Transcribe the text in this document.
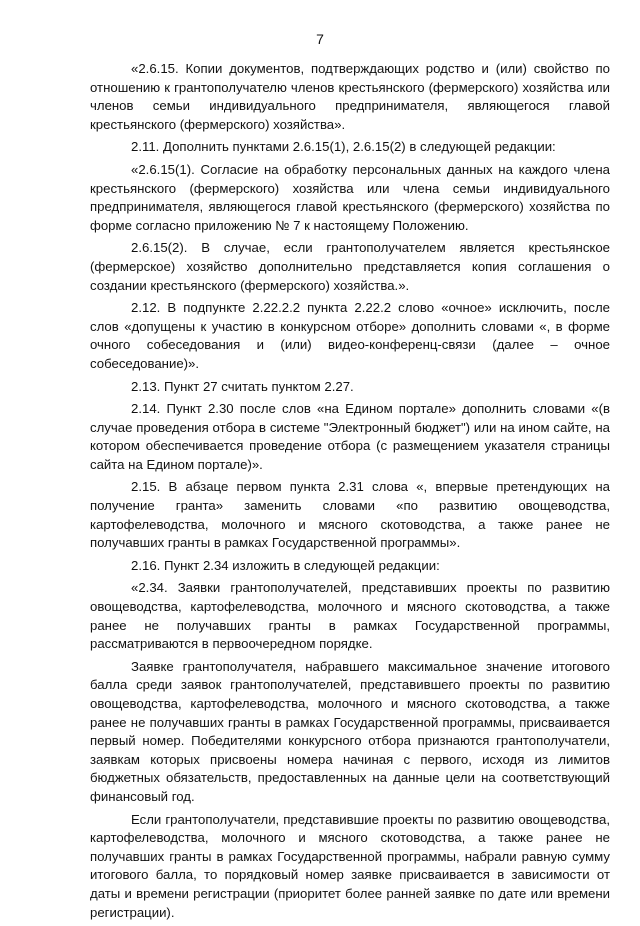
7

«2.6.15. Копии документов, подтверждающих родство и (или) свойство по отношению к грантополучателю членов крестьянского (фермерского) хозяйства или членов семьи индивидуального предпринимателя, являющегося главой крестьянского (фермерского) хозяйства».

2.11. Дополнить пунктами 2.6.15(1), 2.6.15(2) в следующей редакции:

«2.6.15(1). Согласие на обработку персональных данных на каждого члена крестьянского (фермерского) хозяйства или члена семьи индивидуального предпринимателя, являющегося главой крестьянского (фермерского) хозяйства по форме согласно приложению № 7 к настоящему Положению.

2.6.15(2). В случае, если грантополучателем является крестьянское (фермерское) хозяйство дополнительно представляется копия соглашения о создании крестьянского (фермерского) хозяйства.».

2.12. В подпункте 2.22.2.2 пункта 2.22.2 слово «очное» исключить, после слов «допущены к участию в конкурсном отборе» дополнить словами «, в форме очного собеседования и (или) видео-конференц-связи (далее – очное собеседование)».

2.13. Пункт 27 считать пунктом 2.27.

2.14. Пункт 2.30 после слов «на Едином портале» дополнить словами «(в случае проведения отбора в системе "Электронный бюджет") или на ином сайте, на котором обеспечивается проведение отбора (с размещением указателя страницы сайта на Едином портале)».

2.15. В абзаце первом пункта 2.31 слова «, впервые претендующих на получение гранта» заменить словами «по развитию овощеводства, картофелеводства, молочного и мясного скотоводства, а также ранее не получавших гранты в рамках Государственной программы».

2.16. Пункт 2.34 изложить в следующей редакции:

«2.34. Заявки грантополучателей, представивших проекты по развитию овощеводства, картофелеводства, молочного и мясного скотоводства, а также ранее не получавших гранты в рамках Государственной программы, рассматриваются в первоочередном порядке.

Заявке грантополучателя, набравшего максимальное значение итогового балла среди заявок грантополучателей, представившего проекты по развитию овощеводства, картофелеводства, молочного и мясного скотоводства, а также ранее не получавших гранты в рамках Государственной программы, присваивается первый номер. Победителями конкурсного отбора признаются грантополучатели, заявкам которых присвоены номера начиная с первого, исходя из лимитов бюджетных обязательств, предоставленных на данные цели на соответствующий финансовый год.

Если грантополучатели, представившие проекты по развитию овощеводства, картофелеводства, молочного и мясного скотоводства, а также ранее не получавших гранты в рамках Государственной программы, набрали равную сумму итогового балла, то порядковый номер заявке присваивается в зависимости от даты и времени регистрации (приоритет более ранней заявке по дате или времени регистрации).
